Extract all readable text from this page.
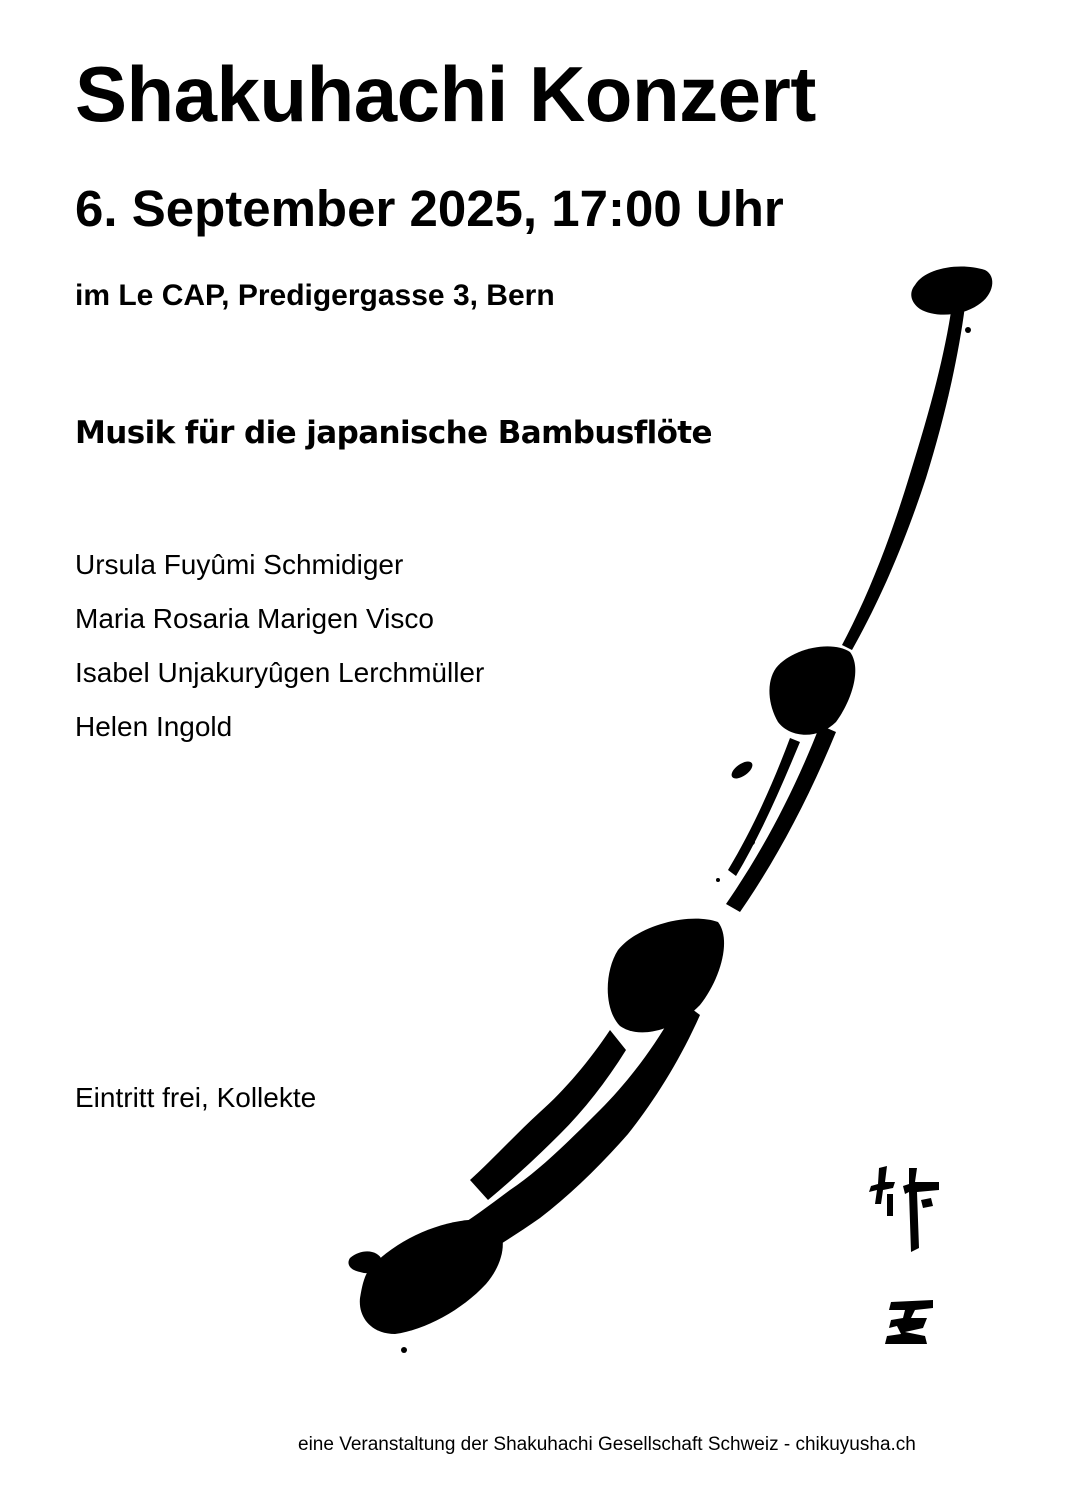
Shakuhachi Konzert
6. September 2025, 17:00 Uhr
im Le CAP, Predigergasse 3, Bern
Musik für die japanische Bambusflöte
Ursula Fuyûmi Schmidiger
Maria Rosaria Marigen Visco
Isabel Unjakuryûgen Lerchmüller
Helen Ingold
Eintritt frei, Kollekte
eine Veranstaltung der Shakuhachi Gesellschaft Schweiz - chikuyusha.ch
